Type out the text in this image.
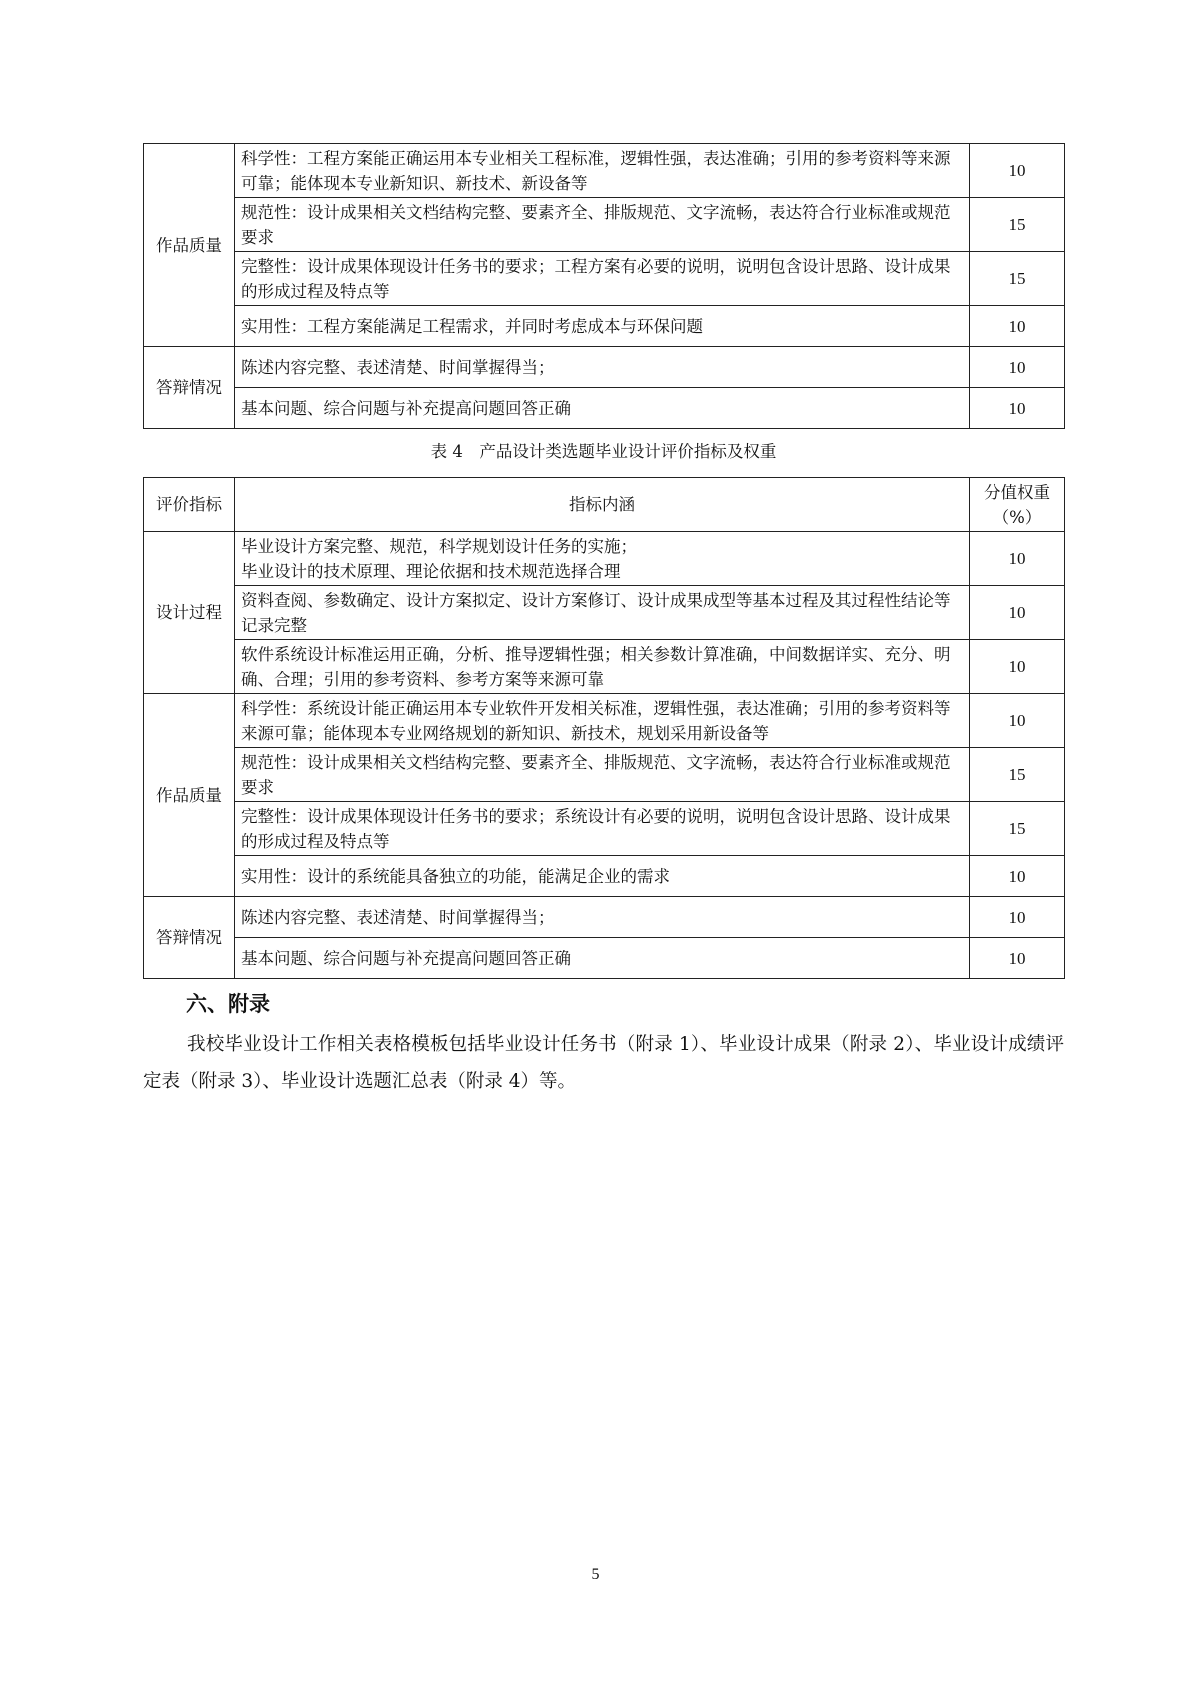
作品质量	科学性：工程方案能正确运用本专业相关工程标准，逻辑性强，表达准确；引用的参考资料等来源可靠；能体现本专业新知识、新技术、新设备等	10
	规范性：设计成果相关文档结构完整、要素齐全、排版规范、文字流畅，表达符合行业标准或规范要求	15
	完整性：设计成果体现设计任务书的要求；工程方案有必要的说明，说明包含设计思路、设计成果的形成过程及特点等	15
	实用性：工程方案能满足工程需求，并同时考虑成本与环保问题	10
答辩情况	陈述内容完整、表述清楚、时间掌握得当；	10
	基本问题、综合问题与补充提高问题回答正确	10
表 4　产品设计类选题毕业设计评价指标及权重
评价指标	指标内涵	分值权重
（%）

设计过程	毕业设计方案完整、规范，科学规划设计任务的实施；
毕业设计的技术原理、理论依据和技术规范选择合理	10
	资料查阅、参数确定、设计方案拟定、设计方案修订、设计成果成型等基本过程及其过程性结论等记录完整	10
	软件系统设计标准运用正确，分析、推导逻辑性强；相关参数计算准确，中间数据详实、充分、明确、合理；引用的参考资料、参考方案等来源可靠	10
作品质量	科学性：系统设计能正确运用本专业软件开发相关标准，逻辑性强，表达准确；引用的参考资料等来源可靠；能体现本专业网络规划的新知识、新技术，规划采用新设备等	10
	规范性：设计成果相关文档结构完整、要素齐全、排版规范、文字流畅，表达符合行业标准或规范要求	15
	完整性：设计成果体现设计任务书的要求；系统设计有必要的说明，说明包含设计思路、设计成果的形成过程及特点等	15
	实用性：设计的系统能具备独立的功能，能满足企业的需求	10
答辩情况	陈述内容完整、表述清楚、时间掌握得当；	10
	基本问题、综合问题与补充提高问题回答正确	10
六、附录

我校毕业设计工作相关表格模板包括毕业设计任务书（附录 1）、毕业设计成果（附录 2）、毕业设计成绩评定表（附录 3）、毕业设计选题汇总表（附录 4）等。

5
